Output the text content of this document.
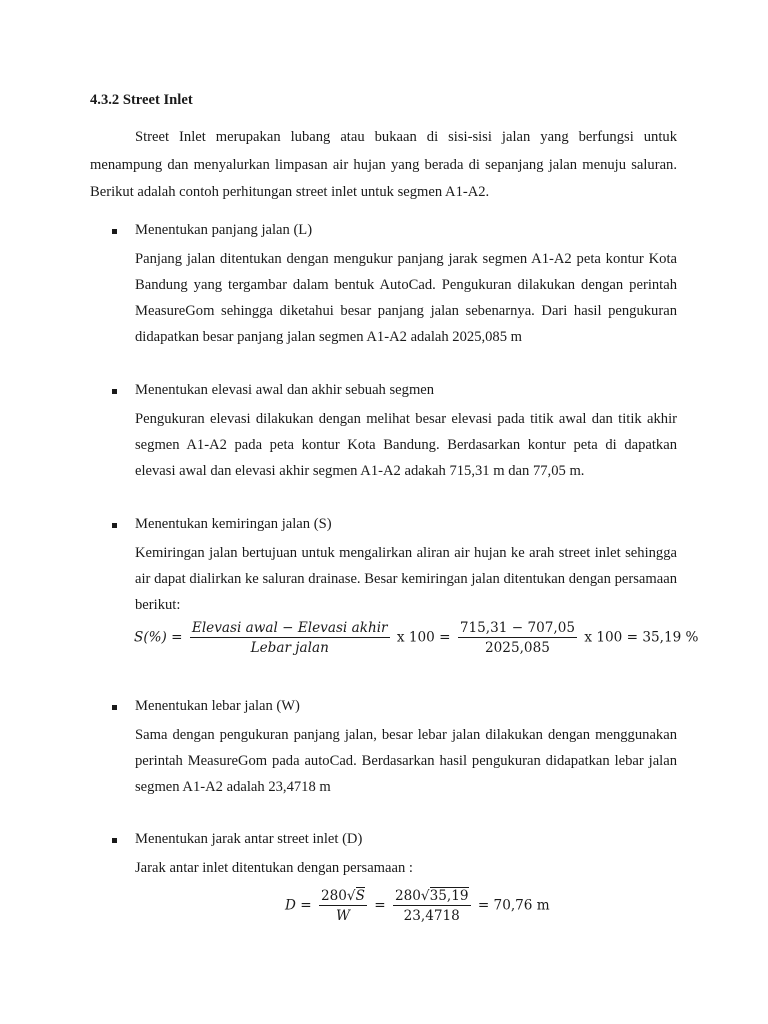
4.3.2 Street Inlet

Street Inlet merupakan lubang atau bukaan di sisi-sisi jalan yang berfungsi untuk menampung dan menyalurkan limpasan air hujan yang berada di sepanjang jalan menuju saluran. Berikut adalah contoh perhitungan street inlet untuk segmen A1-A2.

Menentukan panjang jalan (L)

Panjang jalan ditentukan dengan mengukur panjang jarak segmen A1-A2 peta kontur Kota Bandung yang tergambar dalam bentuk AutoCad. Pengukuran dilakukan dengan perintah MeasureGom sehingga diketahui besar panjang jalan sebenarnya. Dari hasil pengukuran didapatkan besar panjang jalan segmen A1-A2 adalah 2025,085 m

Menentukan elevasi awal dan akhir sebuah segmen

Pengukuran elevasi dilakukan dengan melihat besar elevasi pada titik awal dan titik akhir segmen A1-A2 pada peta kontur Kota Bandung. Berdasarkan kontur peta di dapatkan elevasi awal dan elevasi akhir segmen A1-A2 adakah 715,31 m dan 77,05 m.

Menentukan kemiringan jalan (S)

Kemiringan jalan bertujuan untuk mengalirkan aliran air hujan ke arah street inlet sehingga air dapat dialirkan ke saluran drainase. Besar kemiringan jalan ditentukan dengan persamaan berikut:

$S(\%) = \frac{\text{Elevasi awal − Elevasi akhir}}{\text{Lebar jalan}}$ x $100 = \frac{715,31 - 707,05}{2025,085}$ x 100 = 35,19 %
Menentukan lebar jalan (W)

Sama dengan pengukuran panjang jalan, besar lebar jalan dilakukan dengan menggunakan perintah MeasureGom pada autoCad. Berdasarkan hasil pengukuran didapatkan lebar jalan segmen A1-A2 adalah 23,4718 m

Menentukan jarak antar street inlet (D)

Jarak antar inlet ditentukan dengan persamaan :

$D = \frac{280√S}{W} = \frac{280√35,19}{23,4718} = 70,76$ m
